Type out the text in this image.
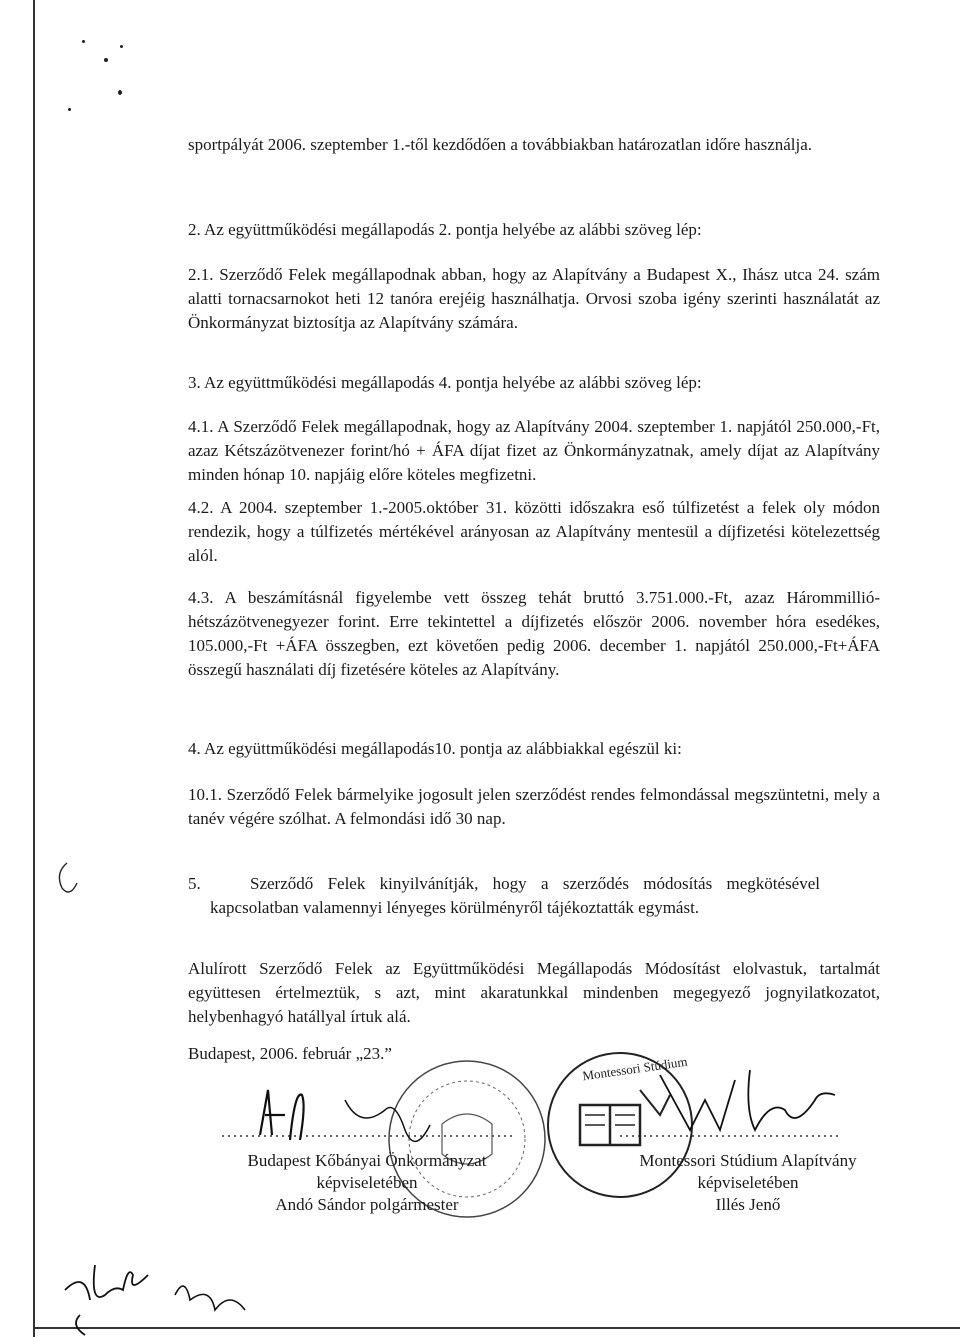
sportpályát 2006. szeptember 1.-től kezdődően a továbbiakban határozatlan időre használja.
2. Az együttműködési megállapodás 2. pontja helyébe az alábbi szöveg lép:
2.1. Szerződő Felek megállapodnak abban, hogy az Alapítvány a Budapest X., Ihász utca 24. szám alatti tornacsarnokot heti 12 tanóra erejéig használhatja. Orvosi szoba igény szerinti használatát az Önkormányzat biztosítja az Alapítvány számára.
3. Az együttműködési megállapodás 4. pontja helyébe az alábbi szöveg lép:
4.1. A Szerződő Felek megállapodnak, hogy az Alapítvány 2004. szeptember 1. napjától 250.000,-Ft, azaz Kétszázötvenezer forint/hó + ÁFA díjat fizet az Önkormányzatnak, amely díjat az Alapítvány minden hónap 10. napjáig előre köteles megfizetni.
4.2. A 2004. szeptember 1.-2005.október 31. közötti időszakra eső túlfizetést a felek oly módon rendezik, hogy a túlfizetés mértékével arányosan az Alapítvány mentesül a díjfizetési kötelezettség alól.
4.3. A beszámításnál figyelembe vett összeg tehát bruttó 3.751.000.-Ft, azaz Hárommillió-hétszázötvenegyezer forint. Erre tekintettel a díjfizetés először 2006. november hóra esedékes, 105.000,-Ft +ÁFA összegben, ezt követően pedig 2006. december 1. napjától 250.000,-Ft+ÁFA összegű használati díj fizetésére köteles az Alapítvány.
4. Az együttműködési megállapodás10. pontja az alábbiakkal egészül ki:
10.1. Szerződő Felek bármelyike jogosult jelen szerződést rendes felmondással megszüntetni, mely a tanév végére szólhat. A felmondási idő 30 nap.
5.	Szerződő Felek kinyilvánítják, hogy a szerződés módosítás megkötésével kapcsolatban valamennyi lényeges körülményről tájékoztatták egymást.
Alulírott Szerződő Felek az Együttműködési Megállapodás Módosítást elolvastuk, tartalmát együttesen értelmeztük, s azt, mint akaratunkkal mindenben megegyező jognyilatkozatot, helybenhagyó hatállyal írtuk alá.
Budapest, 2006. február „23.”
Montessori Stúdium
Budapest Kőbányai Önkormányzat
képviseletében
Andó Sándor polgármester
Montessori Stúdium Alapítvány
képviseletében
Illés Jenő
